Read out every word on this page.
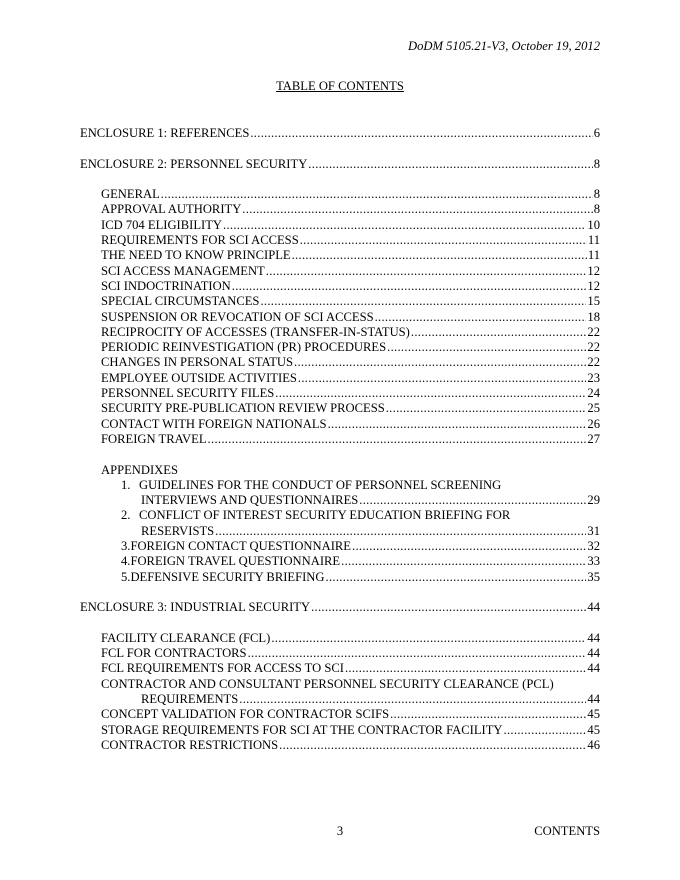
DoDM 5105.21-V3, October 19, 2012
TABLE OF CONTENTS
ENCLOSURE 1: REFERENCES .....	6
ENCLOSURE 2: PERSONNEL SECURITY .....	8
GENERAL .....	8
APPROVAL AUTHORITY .....	8
ICD 704 ELIGIBILITY .....	10
REQUIREMENTS FOR SCI ACCESS .....	11
THE NEED TO KNOW PRINCIPLE .....	11
SCI ACCESS MANAGEMENT .....	12
SCI INDOCTRINATION .....	12
SPECIAL CIRCUMSTANCES .....	15
SUSPENSION OR REVOCATION OF SCI ACCESS .....	18
RECIPROCITY OF ACCESSES (TRANSFER-IN-STATUS) .....	22
PERIODIC REINVESTIGATION (PR) PROCEDURES .....	22
CHANGES IN PERSONAL STATUS .....	22
EMPLOYEE OUTSIDE ACTIVITIES .....	23
PERSONNEL SECURITY FILES .....	24
SECURITY PRE-PUBLICATION REVIEW PROCESS .....	25
CONTACT WITH FOREIGN NATIONALS .....	26
FOREIGN TRAVEL .....	27
APPENDIXES
1. GUIDELINES FOR THE CONDUCT OF PERSONNEL SCREENING
INTERVIEWS AND QUESTIONNAIRES .....	29
2. CONFLICT OF INTEREST SECURITY EDUCATION BRIEFING FOR
RESERVISTS .....	31
3. FOREIGN CONTACT QUESTIONNAIRE .....	32
4. FOREIGN TRAVEL QUESTIONNAIRE .....	33
5. DEFENSIVE SECURITY BRIEFING .....	35
ENCLOSURE 3: INDUSTRIAL SECURITY .....	44
FACILITY CLEARANCE (FCL) .....	44
FCL FOR CONTRACTORS .....	44
FCL REQUIREMENTS FOR ACCESS TO SCI .....	44
CONTRACTOR AND CONSULTANT PERSONNEL SECURITY CLEARANCE (PCL)
REQUIREMENTS .....	44
CONCEPT VALIDATION FOR CONTRACTOR SCIFS .....	45
STORAGE REQUIREMENTS FOR SCI AT THE CONTRACTOR FACILITY .....	45
CONTRACTOR RESTRICTIONS .....	46
3	CONTENTS
